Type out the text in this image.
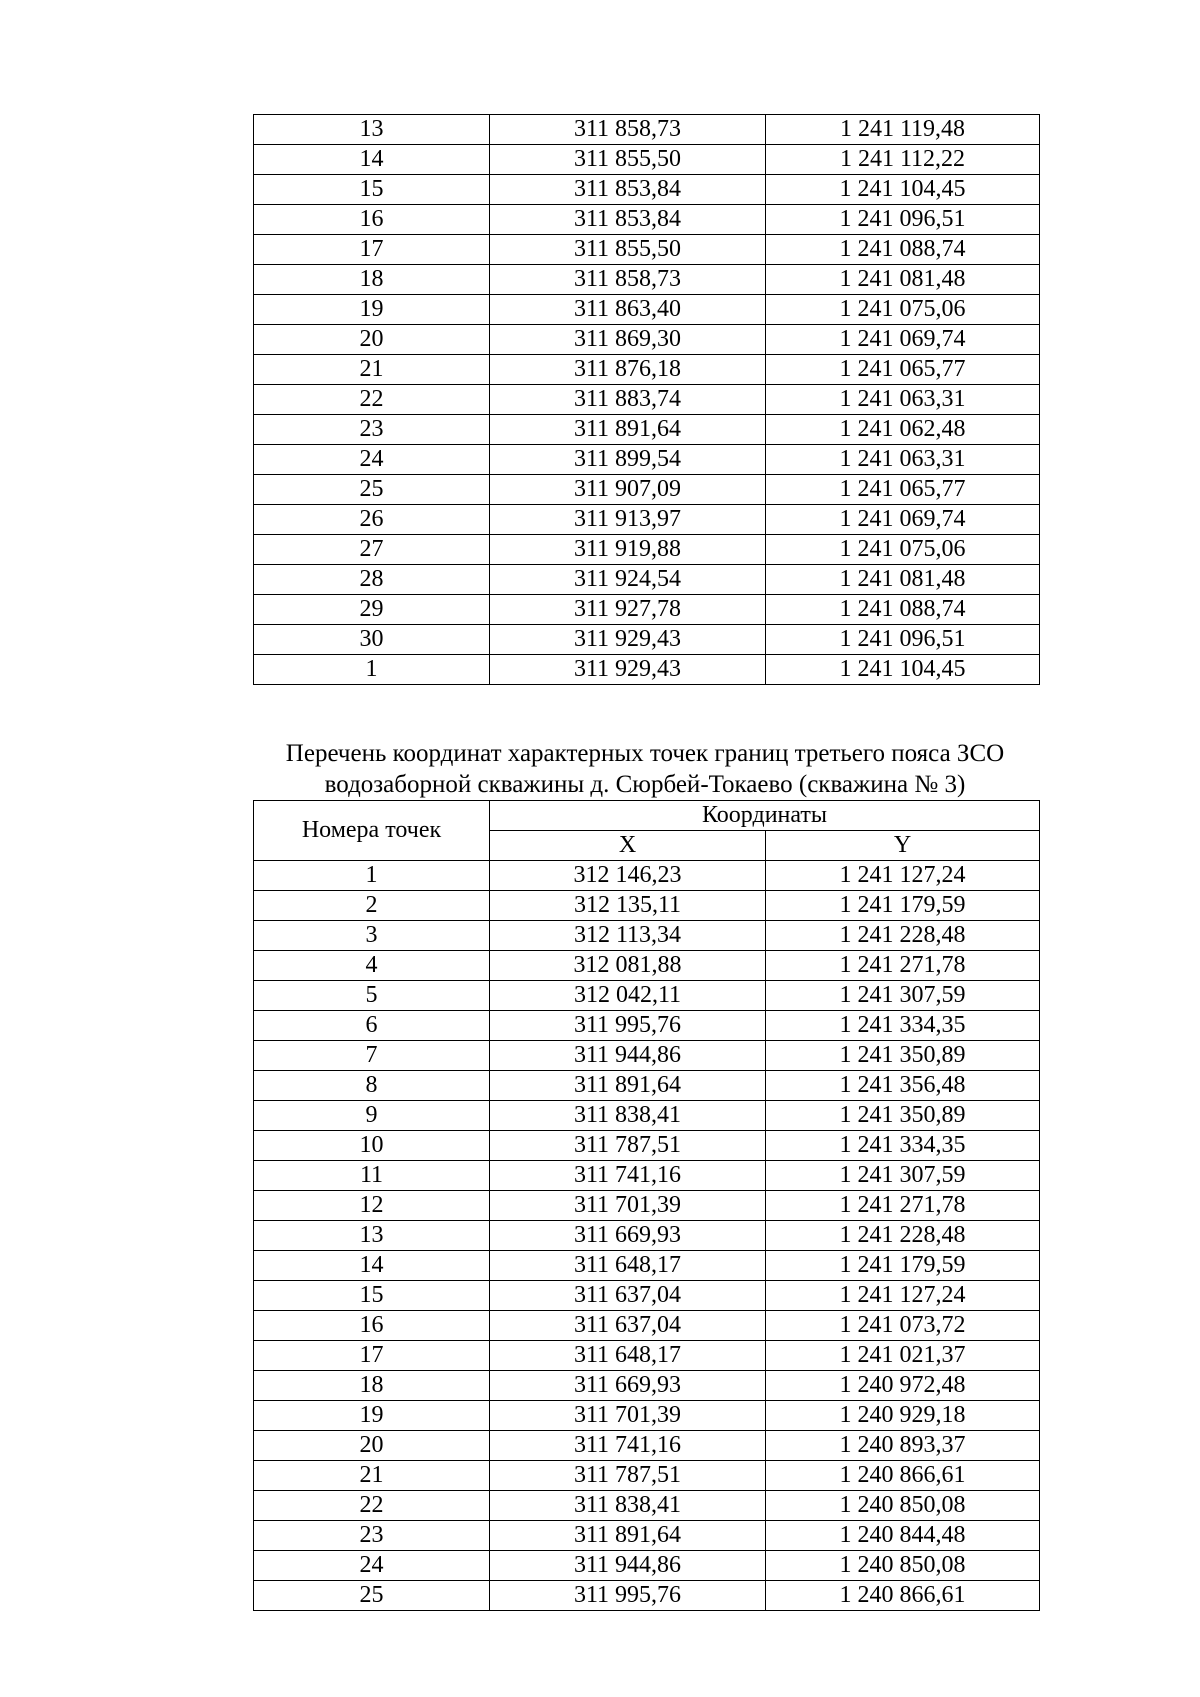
13	311 858,73	1 241 119,48
14	311 855,50	1 241 112,22
15	311 853,84	1 241 104,45
16	311 853,84	1 241 096,51
17	311 855,50	1 241 088,74
18	311 858,73	1 241 081,48
19	311 863,40	1 241 075,06
20	311 869,30	1 241 069,74
21	311 876,18	1 241 065,77
22	311 883,74	1 241 063,31
23	311 891,64	1 241 062,48
24	311 899,54	1 241 063,31
25	311 907,09	1 241 065,77
26	311 913,97	1 241 069,74
27	311 919,88	1 241 075,06
28	311 924,54	1 241 081,48
29	311 927,78	1 241 088,74
30	311 929,43	1 241 096,51
1	311 929,43	1 241 104,45
Перечень координат характерных точек границ третьего пояса ЗСО
водозаборной скважины д. Сюрбей-Токаево (скважина № 3)
Номера точек	Координаты	
	X	Y
1	312 146,23	1 241 127,24
2	312 135,11	1 241 179,59
3	312 113,34	1 241 228,48
4	312 081,88	1 241 271,78
5	312 042,11	1 241 307,59
6	311 995,76	1 241 334,35
7	311 944,86	1 241 350,89
8	311 891,64	1 241 356,48
9	311 838,41	1 241 350,89
10	311 787,51	1 241 334,35
11	311 741,16	1 241 307,59
12	311 701,39	1 241 271,78
13	311 669,93	1 241 228,48
14	311 648,17	1 241 179,59
15	311 637,04	1 241 127,24
16	311 637,04	1 241 073,72
17	311 648,17	1 241 021,37
18	311 669,93	1 240 972,48
19	311 701,39	1 240 929,18
20	311 741,16	1 240 893,37
21	311 787,51	1 240 866,61
22	311 838,41	1 240 850,08
23	311 891,64	1 240 844,48
24	311 944,86	1 240 850,08
25	311 995,76	1 240 866,61
